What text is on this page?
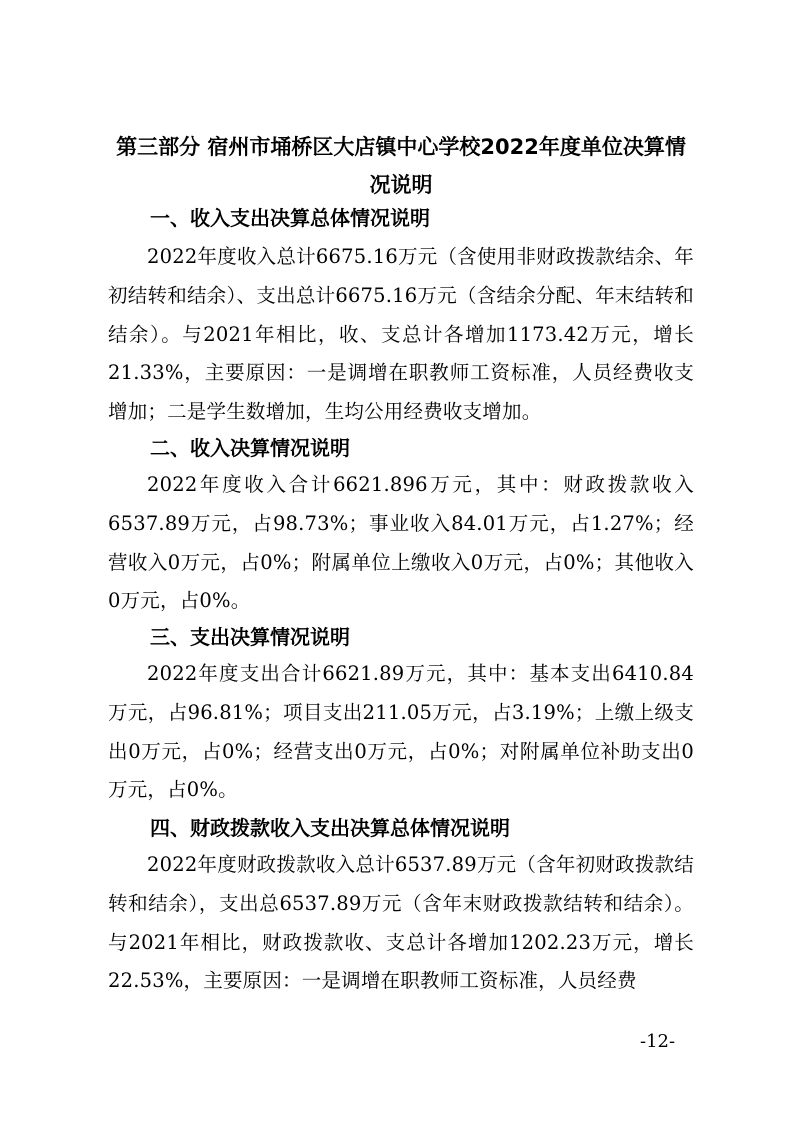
第三部分 宿州市埇桥区大店镇中心学校2022年度单位决算情况说明
一、收入支出决算总体情况说明

2022年度收入总计6675.16万元（含使用非财政拨款结余、年初结转和结余）、支出总计6675.16万元（含结余分配、年末结转和结余）。与2021年相比，收、支总计各增加1173.42万元，增长21.33%，主要原因：一是调增在职教师工资标准，人员经费收支增加；二是学生数增加，生均公用经费收支增加。

二、收入决算情况说明

2022年度收入合计6621.896万元，其中：财政拨款收入6537.89万元，占98.73%；事业收入84.01万元，占1.27%；经营收入0万元，占0%；附属单位上缴收入0万元，占0%；其他收入0万元，占0%。

三、支出决算情况说明

2022年度支出合计6621.89万元，其中：基本支出6410.84万元，占96.81%；项目支出211.05万元，占3.19%；上缴上级支出0万元，占0%；经营支出0万元，占0%；对附属单位补助支出0万元，占0%。

四、财政拨款收入支出决算总体情况说明

2022年度财政拨款收入总计6537.89万元（含年初财政拨款结转和结余），支出总6537.89万元（含年末财政拨款结转和结余）。与2021年相比，财政拨款收、支总计各增加1202.23万元，增长22.53%，主要原因：一是调增在职教师工资标准，人员经费

-12-
